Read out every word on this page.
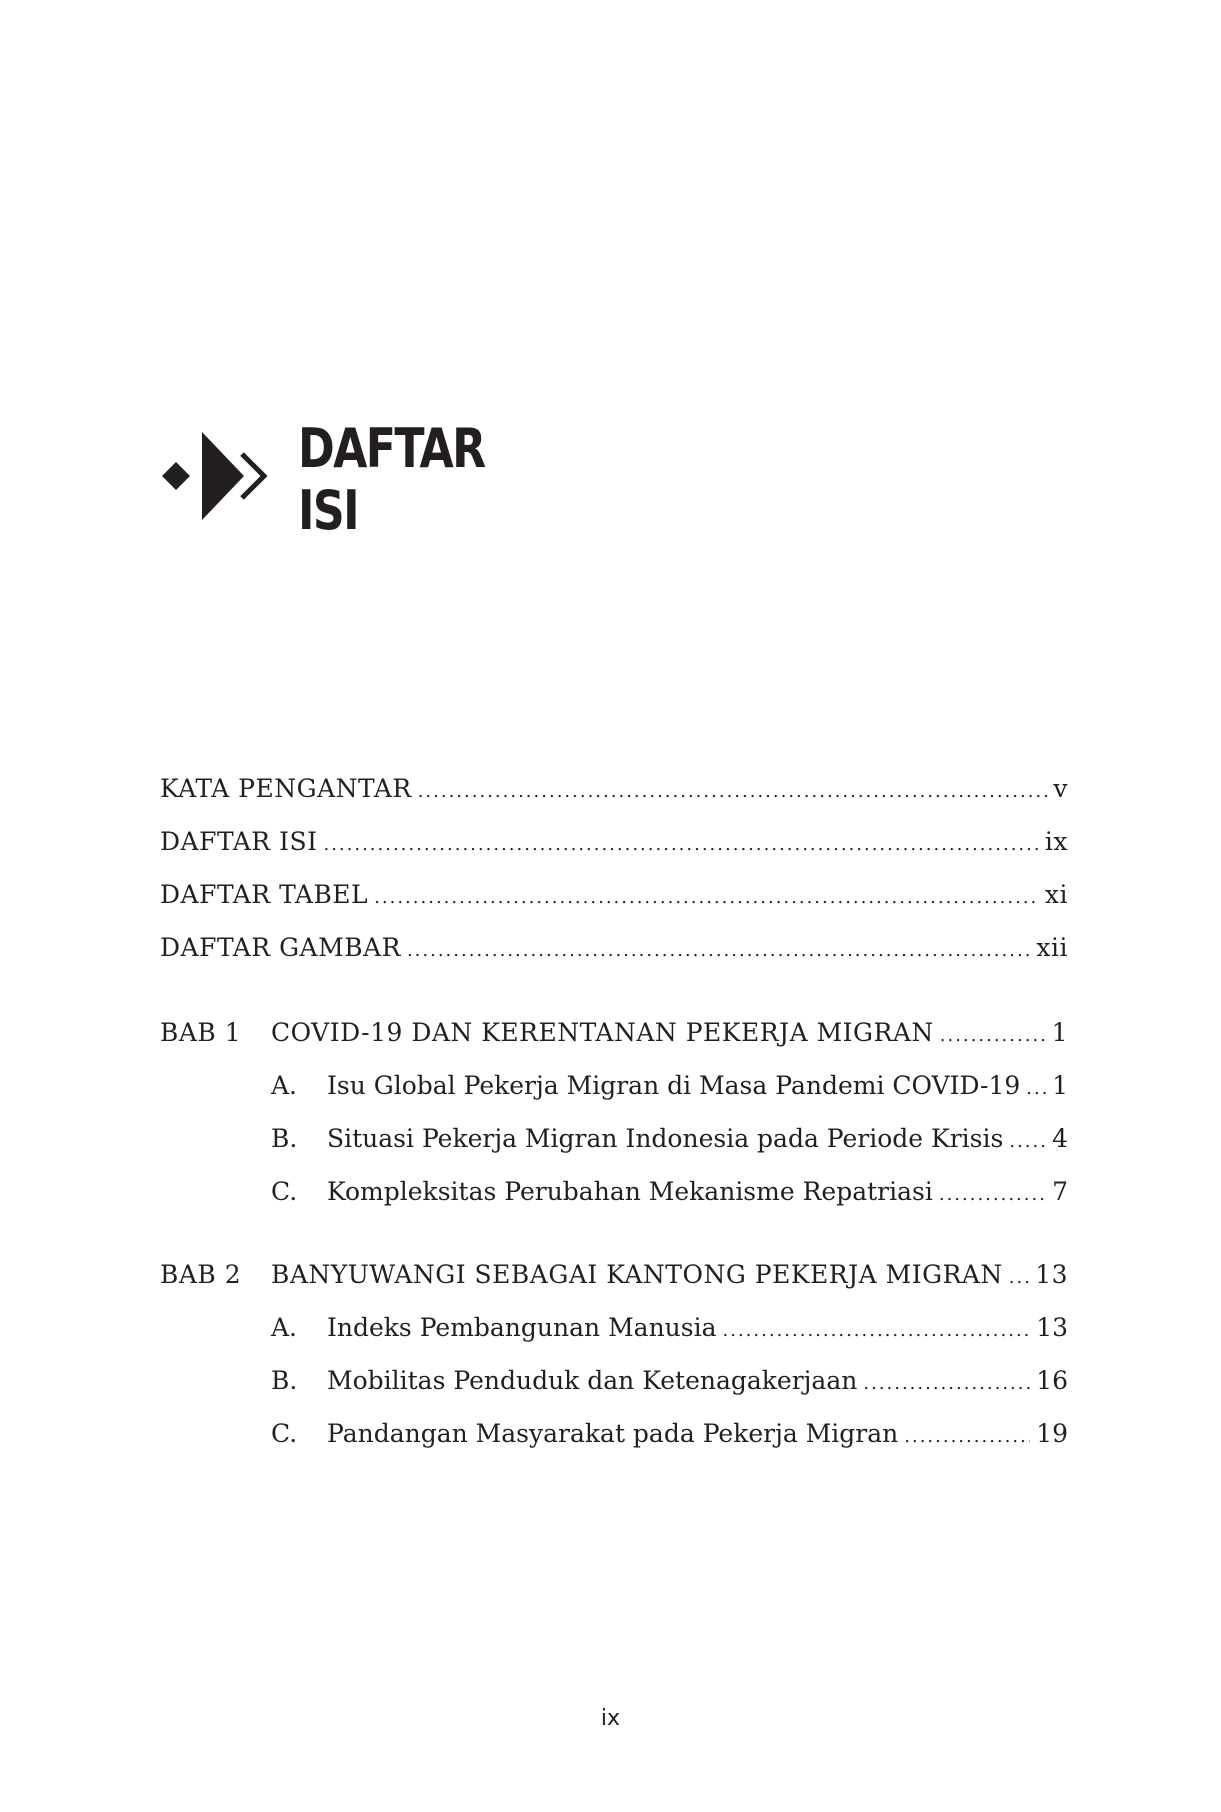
DAFTAR
ISI
KATA PENGANTAR .....	v
DAFTAR ISI .....	ix
DAFTAR TABEL .....	xi
DAFTAR GAMBAR .....	xii
BAB 1	COVID-19 DAN KERENTANAN PEKERJA MIGRAN .....	1
A.	Isu Global Pekerja Migran di Masa Pandemi COVID-19 ..... 1
B.	Situasi Pekerja Migran Indonesia pada Periode Krisis ..... 4
C.	Kompleksitas Perubahan Mekanisme Repatriasi .....	7
BAB 2	BANYUWANGI SEBAGAI KANTONG PEKERJA MIGRAN ..... 13
A.	Indeks Pembangunan Manusia .....	13
B.	Mobilitas Penduduk dan Ketenagakerjaan .....	16
C.	Pandangan Masyarakat pada Pekerja Migran .....	19
ix
